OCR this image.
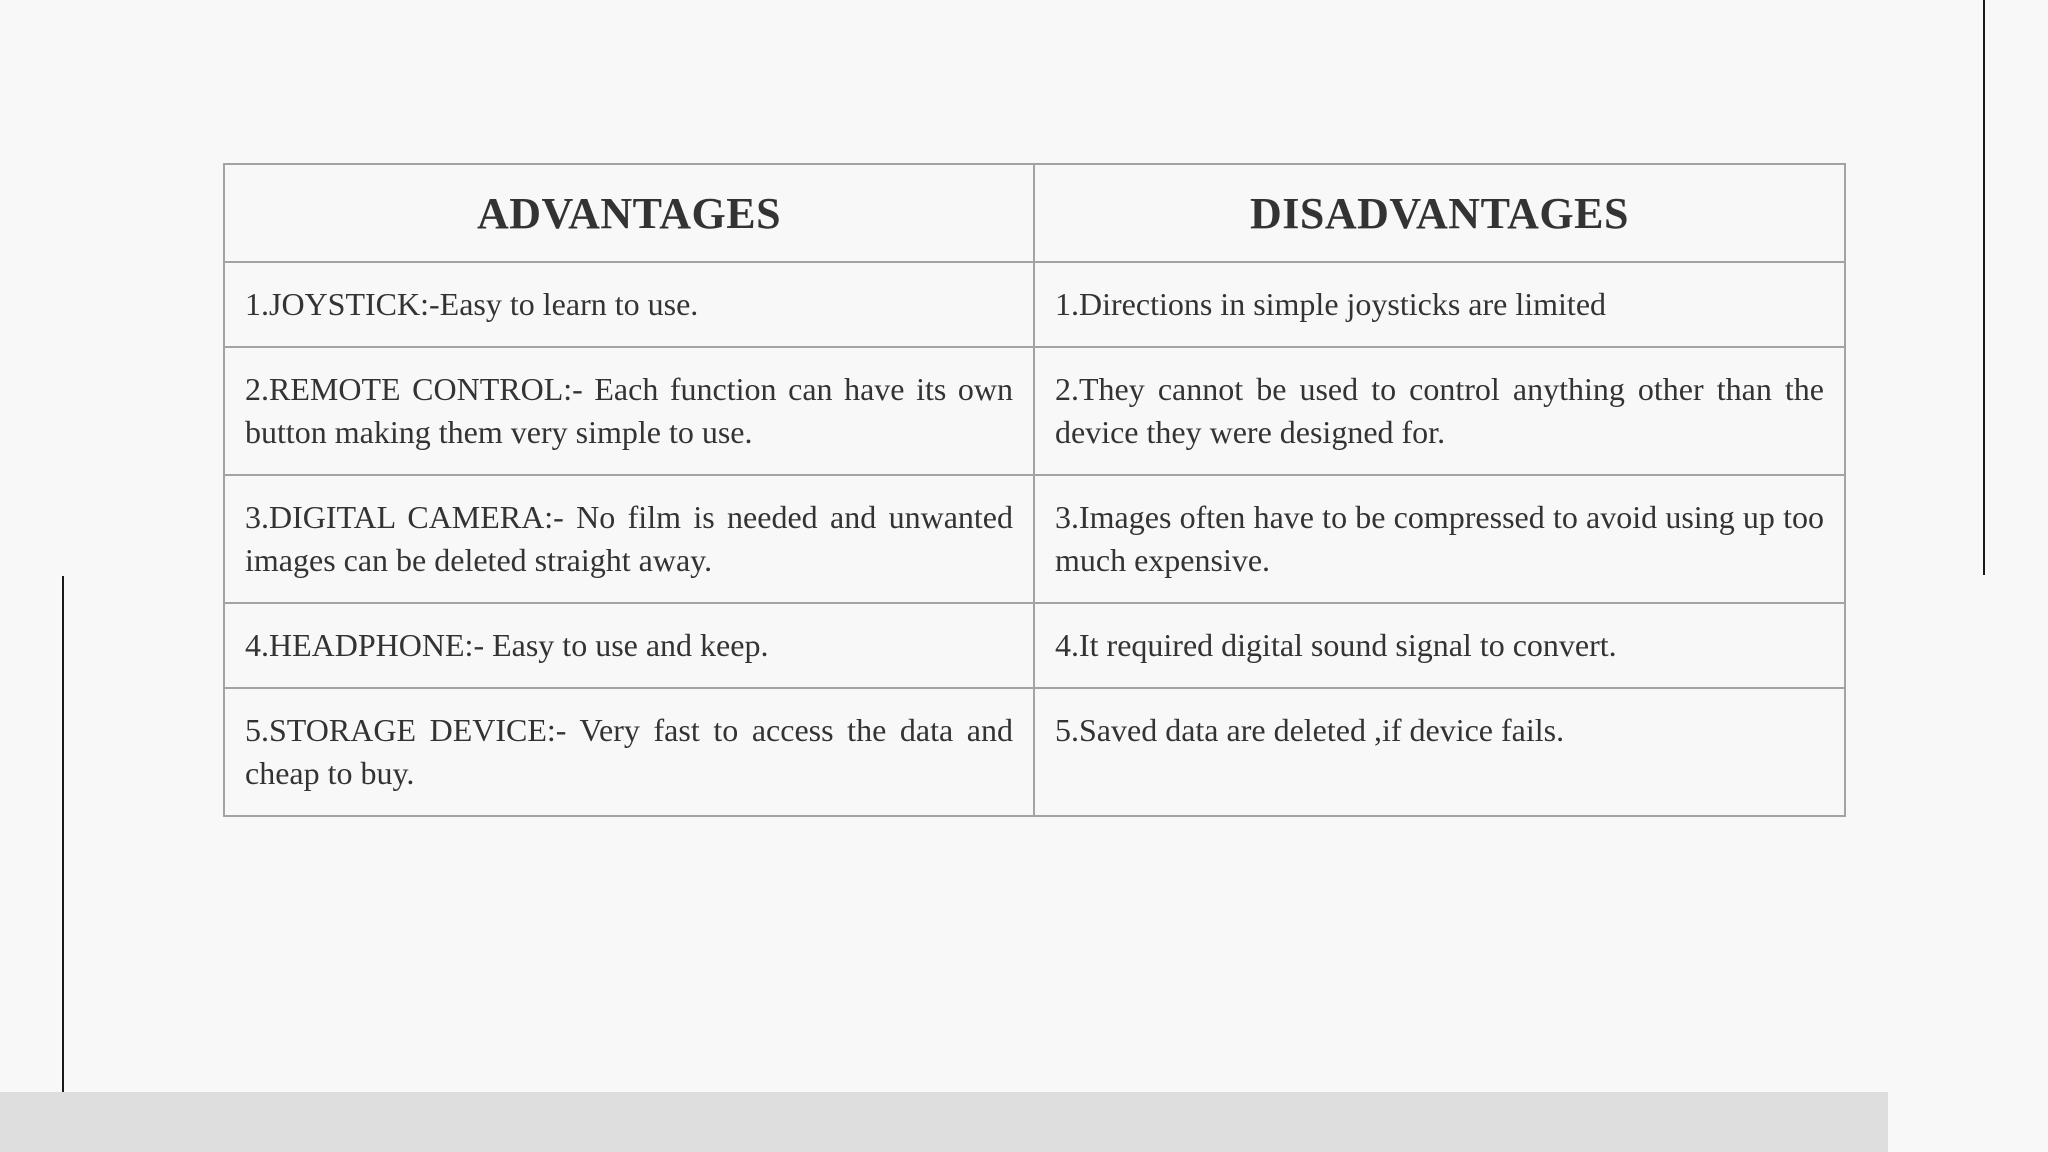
ADVANTAGES	DISADVANTAGES
1.JOYSTICK:-Easy to learn to use.	1.Directions in simple joysticks are limited
2.REMOTE CONTROL:- Each function can have its own button making them very simple to use.	2.They cannot be used to control anything other than the device they were designed for.
3.DIGITAL CAMERA:- No film is needed and unwanted images can be deleted straight away.	3.Images often have to be compressed to avoid using up too much expensive.
4.HEADPHONE:- Easy to use and keep.	4.It required digital sound signal to convert.
5.STORAGE DEVICE:- Very fast to access the data and cheap to buy.	5.Saved data are deleted ,if device fails.
